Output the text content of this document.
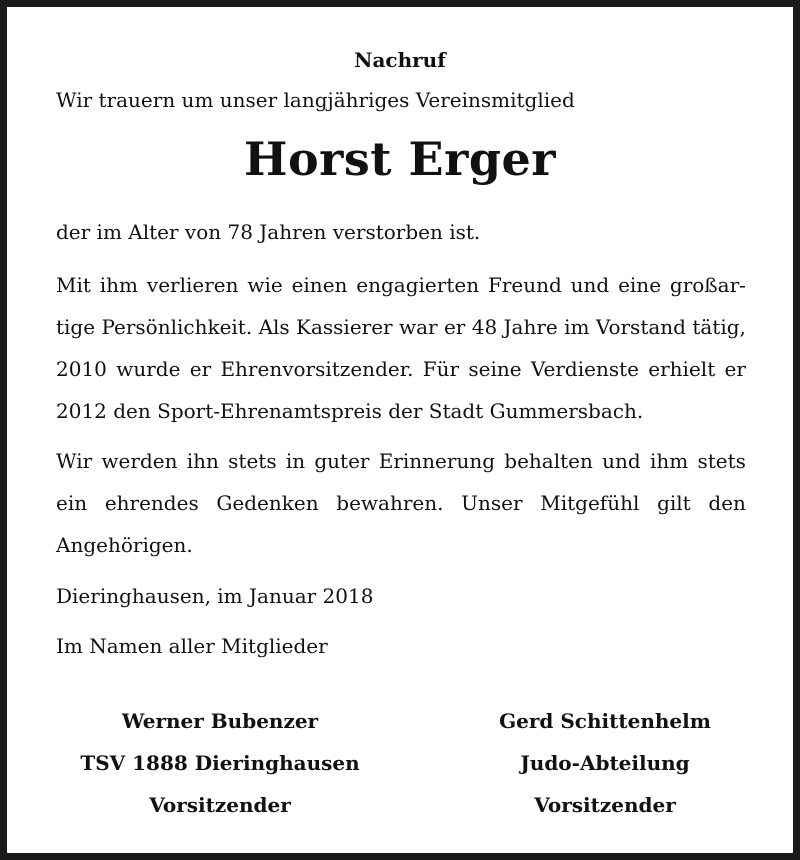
Nachruf
Wir trauern um unser langjähriges Vereinsmitglied
Horst Erger
der im Alter von 78 Jahren verstorben ist.
Mit ihm verlieren wie einen engagierten Freund und eine großar-
tige Persönlichkeit. Als Kassierer war er 48 Jahre im Vorstand tätig,
2010 wurde er Ehrenvorsitzender. Für seine Verdienste erhielt er
2012 den Sport-Ehrenamtspreis der Stadt Gummersbach.
Wir werden ihn stets in guter Erinnerung behalten und ihm stets
ein ehrendes Gedenken bewahren. Unser Mitgefühl gilt den
Angehörigen.
Dieringhausen, im Januar 2018
Im Namen aller Mitglieder
Werner Bubenzer
TSV 1888 Dieringhausen
Vorsitzender
Gerd Schittenhelm
Judo-Abteilung
Vorsitzender
